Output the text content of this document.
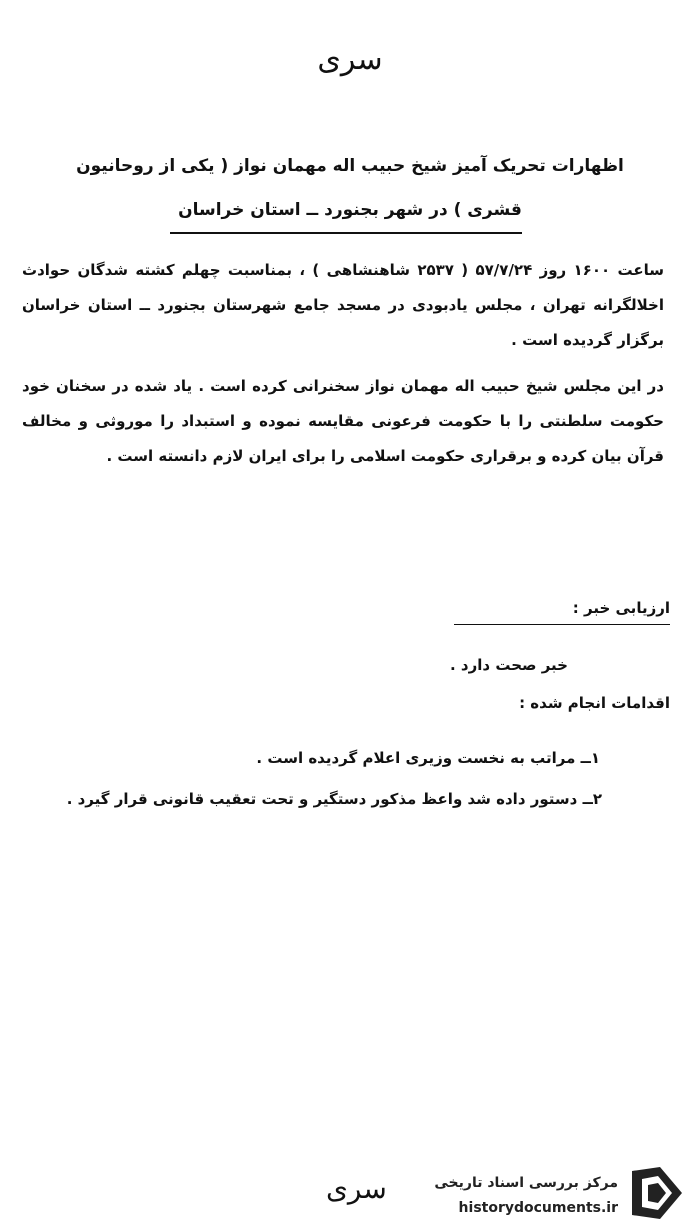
سری
اظهارات تحریک آمیز شیخ حبیب اله مهمان نواز ( یکی از روحانیون
قشری ) در شهر بجنورد ــ استان خراسان
ساعت ۱۶۰۰ روز ۵۷/۷/۲۴ ( ۲۵۳۷ شاهنشاهی ) ، بمناسبت چهلم کشته شدگان حوادث اخلالگرانه تهران ، مجلس یادبودی در مسجد جامع شهرستان بجنورد ــ استان خراسان برگزار گردیده است .
در این مجلس شیخ حبیب اله مهمان نواز سخنرانی کرده است . یاد شده در سخنان خود حکومت سلطنتی را با حکومت فرعونی مقایسه نموده و استبداد را موروثی و مخالف قرآن بیان کرده و برقراری حکومت اسلامی را برای ایران لازم دانسته است .
ارزیابی خبر :
خبر صحت دارد .
اقدامات انجام شده :
۱ــ مراتب به نخست وزیری اعلام گردیده است .
۲ــ دستور داده شد واعظ مذکور دستگیر و تحت تعقیب قانونی قرار گیرد .
سری	مرکز بررسی اسناد تاریخی
historydocuments.ir
